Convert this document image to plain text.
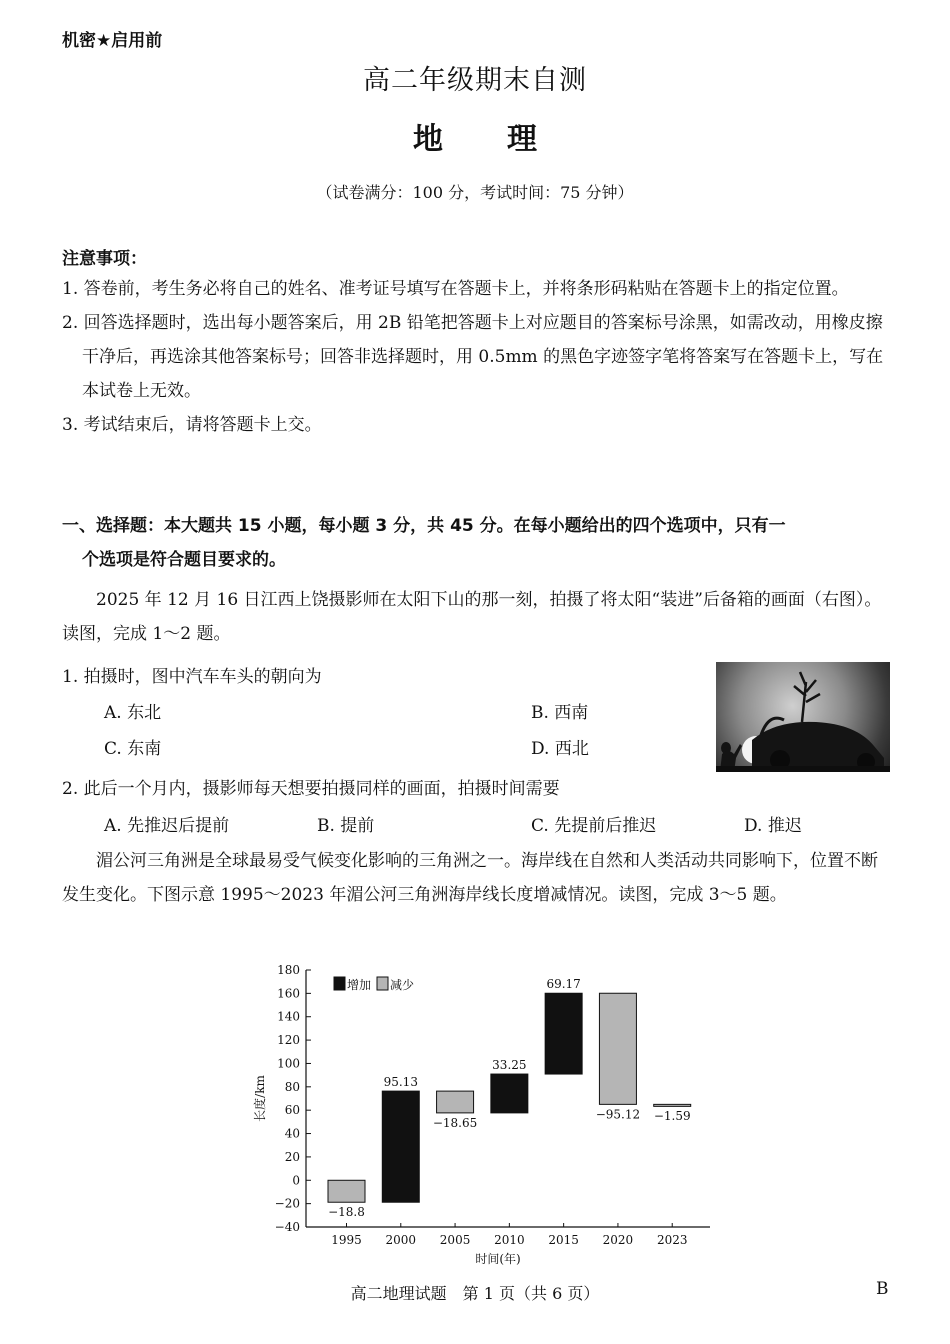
机密★启用前
高二年级期末自测
地理
（试卷满分：100 分，考试时间：75 分钟）
注意事项：
1. 答卷前，考生务必将自己的姓名、准考证号填写在答题卡上，并将条形码粘贴在答题卡上的指定位置。
2. 回答选择题时，选出每小题答案后，用 2B 铅笔把答题卡上对应题目的答案标号涂黑，如需改动，用橡皮擦干净后，再选涂其他答案标号；回答非选择题时，用 0.5mm 的黑色字迹签字笔将答案写在答题卡上，写在本试卷上无效。
3. 考试结束后，请将答题卡上交。
一、选择题：本大题共 15 小题，每小题 3 分，共 45 分。在每小题给出的四个选项中，只有一
个选项是符合题目要求的。
2025 年 12 月 16 日江西上饶摄影师在太阳下山的那一刻，拍摄了将太阳“装进”后备箱的画面（右图）。读图，完成 1～2 题。
1. 拍摄时，图中汽车车头的朝向为
A. 东北	B. 西南
C. 东南	D. 西北
2. 此后一个月内，摄影师每天想要拍摄同样的画面，拍摄时间需要
A. 先推迟后提前	B. 提前	C. 先提前后推迟	D. 推迟
湄公河三角洲是全球最易受气候变化影响的三角洲之一。海岸线在自然和人类活动共同影响下，位置不断发生变化。下图示意 1995～2023 年湄公河三角洲海岸线长度增减情况。读图，完成 3～5 题。
−40
−20
0
20
40
60
80
100
120
140
160
180
长度/km
1995 2000 2005 2010 2015 2020 2023
时间(年)
−18.8
95.13
−18.65
33.25
69.17
−95.12 −1.59
增加 减少
高二地理试题　第 1 页（共 6 页）	B
